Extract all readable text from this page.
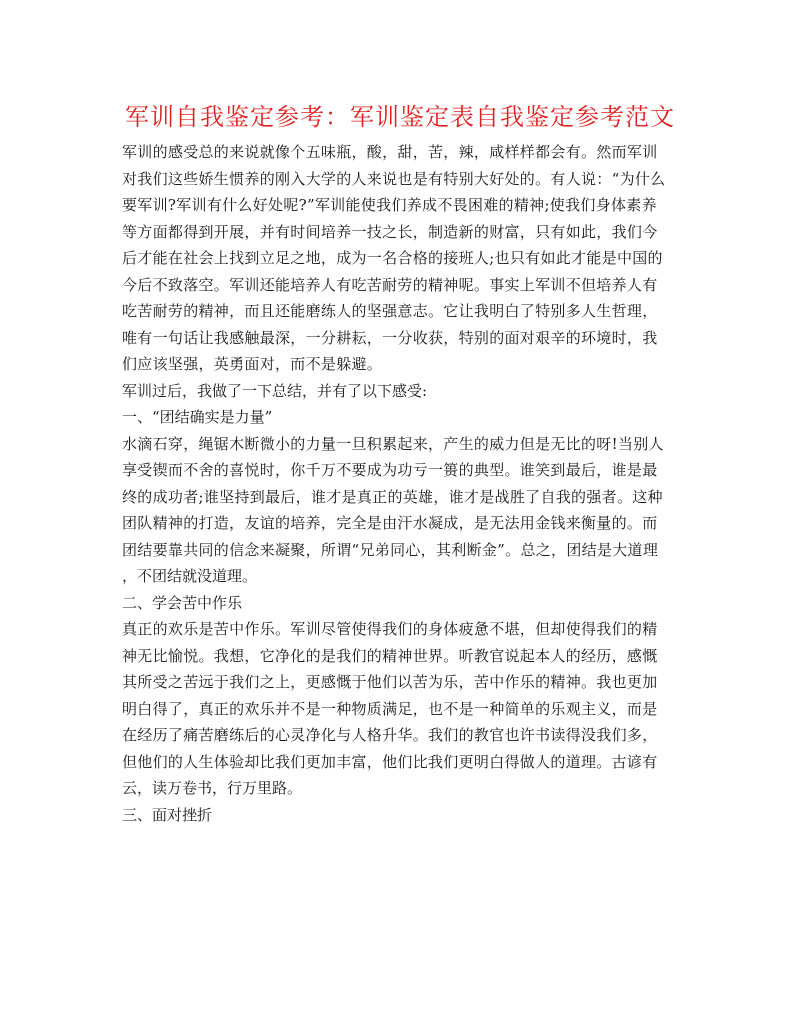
军训自我鉴定参考：军训鉴定表自我鉴定参考范文
军训的感受总的来说就像个五味瓶，酸，甜，苦，辣，咸样样都会有。然而军训
对我们这些娇生惯养的刚入大学的人来说也是有特别大好处的。有人说：“为什么
要军训?军训有什么好处呢?”军训能使我们养成不畏困难的精神;使我们身体素养
等方面都得到开展，并有时间培养一技之长，制造新的财富，只有如此，我们今
后才能在社会上找到立足之地，成为一名合格的接班人;也只有如此才能是中国的
今后不致落空。军训还能培养人有吃苦耐劳的精神呢。事实上军训不但培养人有
吃苦耐劳的精神，而且还能磨练人的坚强意志。它让我明白了特别多人生哲理，
唯有一句话让我感触最深，一分耕耘，一分收获，特别的面对艰辛的环境时，我
们应该坚强，英勇面对，而不是躲避。
军训过后，我做了一下总结，并有了以下感受:
一、“团结确实是力量”
水滴石穿，绳锯木断微小的力量一旦积累起来，产生的威力但是无比的呀!当别人
享受锲而不舍的喜悦时，你千万不要成为功亏一篑的典型。谁笑到最后，谁是最
终的成功者;谁坚持到最后，谁才是真正的英雄，谁才是战胜了自我的强者。这种
团队精神的打造，友谊的培养，完全是由汗水凝成，是无法用金钱来衡量的。而
团结要靠共同的信念来凝聚，所谓“兄弟同心，其利断金”。总之，团结是大道理
，不团结就没道理。
二、学会苦中作乐
真正的欢乐是苦中作乐。军训尽管使得我们的身体疲惫不堪，但却使得我们的精
神无比愉悦。我想，它净化的是我们的精神世界。听教官说起本人的经历，感慨
其所受之苦远于我们之上，更感慨于他们以苦为乐，苦中作乐的精神。我也更加
明白得了，真正的欢乐并不是一种物质满足，也不是一种简单的乐观主义，而是
在经历了痛苦磨练后的心灵净化与人格升华。我们的教官也许书读得没我们多，
但他们的人生体验却比我们更加丰富，他们比我们更明白得做人的道理。古谚有
云，读万卷书，行万里路。
三、面对挫折
